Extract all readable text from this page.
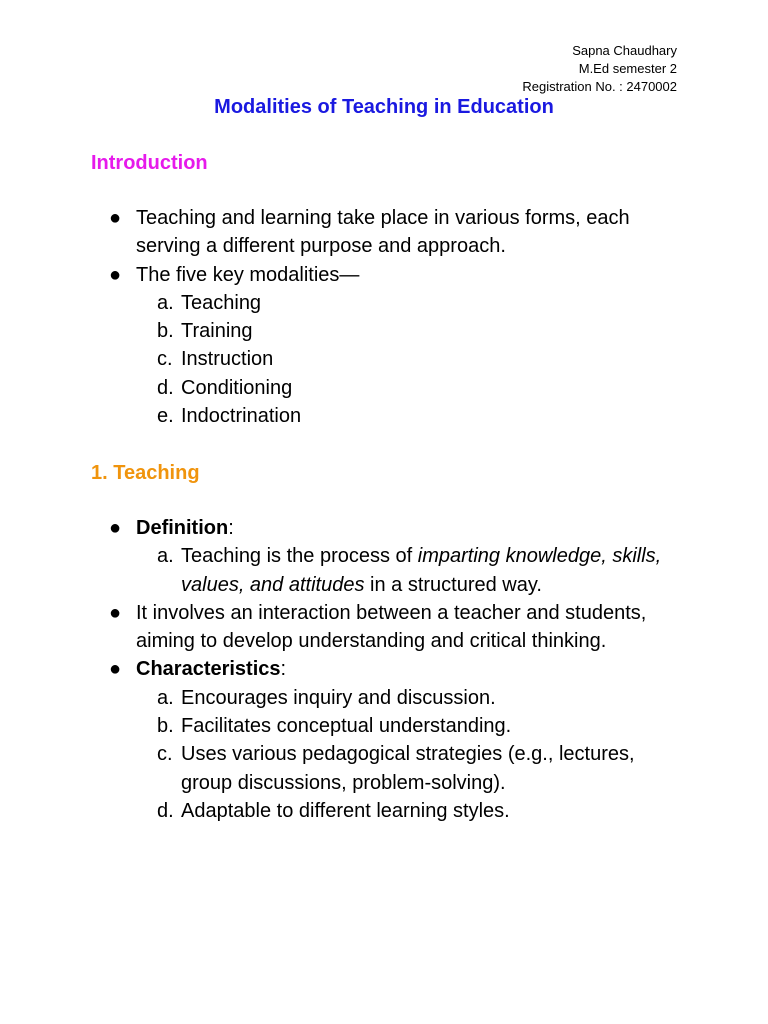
Sapna Chaudhary
M.Ed semester 2
Registration No. : 2470002
Modalities of Teaching in Education
Introduction
● Teaching and learning take place in various forms, each serving a different purpose and approach.
● The five key modalities—
a. Teaching
b. Training
c. Instruction
d. Conditioning
e. Indoctrination
1. Teaching
● Definition:
a. Teaching is the process of imparting knowledge, skills, values, and attitudes in a structured way.
● It involves an interaction between a teacher and students, aiming to develop understanding and critical thinking.
● Characteristics:
a. Encourages inquiry and discussion.
b. Facilitates conceptual understanding.
c. Uses various pedagogical strategies (e.g., lectures, group discussions, problem-solving).
d. Adaptable to different learning styles.
